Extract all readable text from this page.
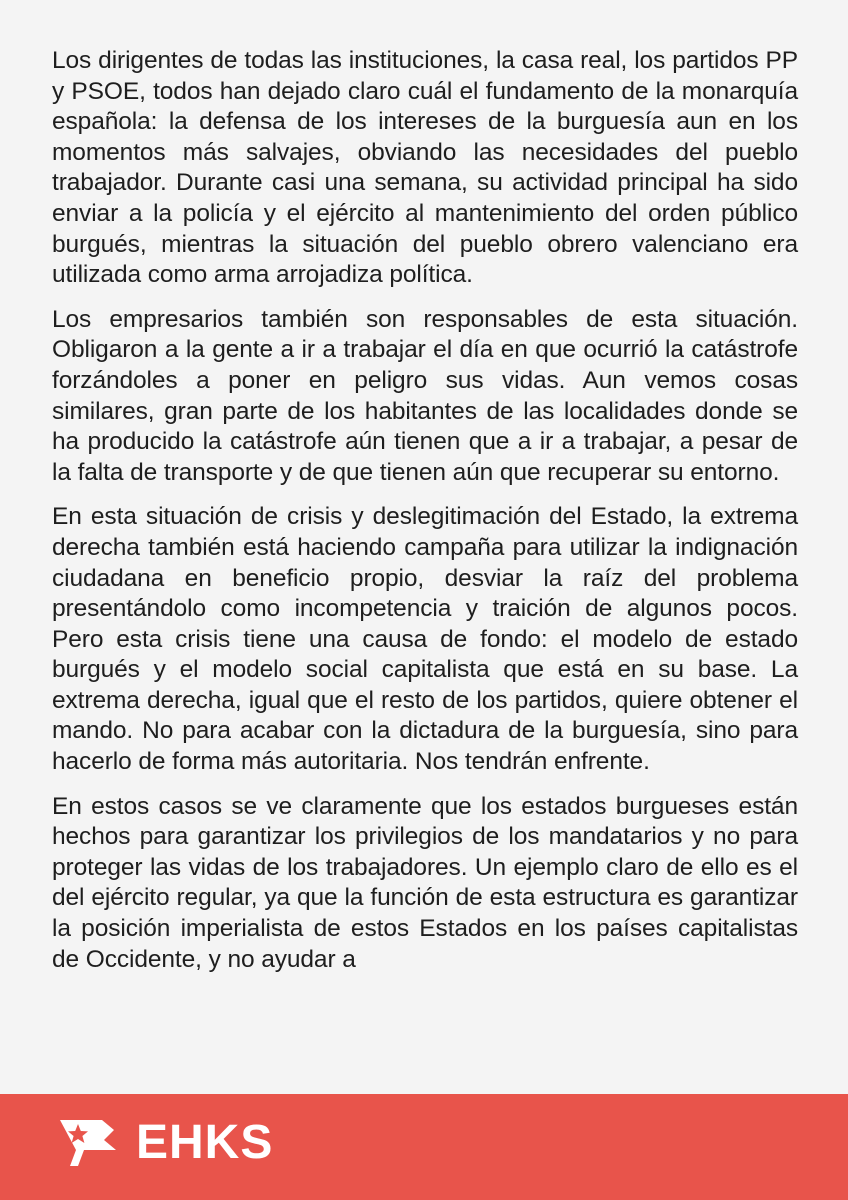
Los dirigentes de todas las instituciones, la casa real, los partidos PP y PSOE, todos han dejado claro cuál el fundamento de la monarquía española: la defensa de los intereses de la burguesía aun en los momentos más salvajes, obviando las necesidades del pueblo trabajador. Durante casi una semana, su actividad principal ha sido enviar a la policía y el ejército al mantenimiento del orden público burgués, mientras la situación del pueblo obrero valenciano era utilizada como arma arrojadiza política.

Los empresarios también son responsables de esta situación. Obligaron a la gente a ir a trabajar el día en que ocurrió la catástrofe forzándoles a poner en peligro sus vidas. Aun vemos cosas similares, gran parte de los habitantes de las localidades donde se ha producido la catástrofe aún tienen que a ir a trabajar, a pesar de la falta de transporte y de que tienen aún que recuperar su entorno.

En esta situación de crisis y deslegitimación del Estado, la extrema derecha también está haciendo campaña para utilizar la indignación ciudadana en beneficio propio, desviar la raíz del problema presentándolo como incompetencia y traición de algunos pocos. Pero esta crisis tiene una causa de fondo: el modelo de estado burgués y el modelo social capitalista que está en su base. La extrema derecha, igual que el resto de los partidos, quiere obtener el mando. No para acabar con la dictadura de la burguesía, sino para hacerlo de forma más autoritaria. Nos tendrán enfrente.

En estos casos se ve claramente que los estados burgueses están hechos para garantizar los privilegios de los mandatarios y no para proteger las vidas de los trabajadores. Un ejemplo claro de ello es el del ejército regular, ya que la función de esta estructura es garantizar la posición imperialista de estos Estados en los países capitalistas de Occidente, y no ayudar a

EHKS
